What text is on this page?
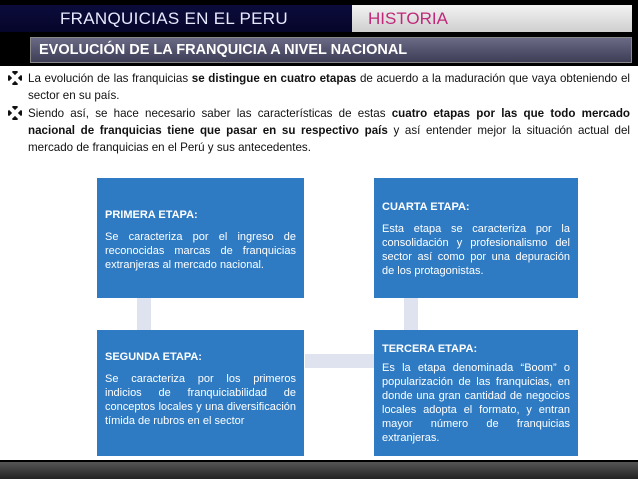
FRANQUICIAS EN EL PERU	HISTORIA
EVOLUCIÓN DE LA FRANQUICIA A NIVEL NACIONAL
La evolución de las franquicias se distingue en cuatro etapas de acuerdo a la maduración que vaya obteniendo el sector en su país.
Siendo así, se hace necesario saber las características de estas cuatro etapas por las que todo mercado nacional de franquicias tiene que pasar en su respectivo país y así entender mejor la situación actual del mercado de franquicias en el Perú y sus antecedentes.
PRIMERA ETAPA:
Se caracteriza por el ingreso de reconocidas marcas de franquicias extranjeras al mercado nacional.
CUARTA ETAPA:
Esta etapa se caracteriza por la consolidación y profesionalismo del sector así como por una depuración de los protagonistas.
SEGUNDA ETAPA:
Se caracteriza por los primeros indicios de franquiciabilidad de conceptos locales y una diversificación tímida de rubros en el sector
TERCERA ETAPA:
Es la etapa denominada “Boom” o popularización de las franquicias, en donde una gran cantidad de negocios locales adopta el formato, y entran mayor número de franquicias extranjeras.
